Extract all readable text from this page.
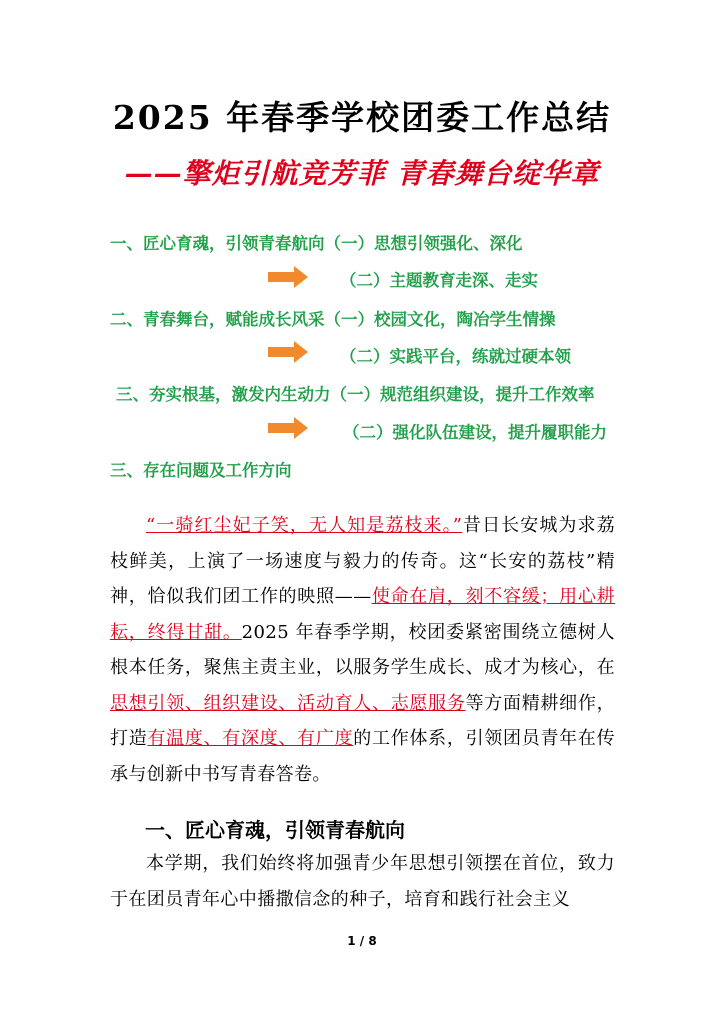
2025 年春季学校团委工作总结
——擎炬引航竞芳菲 青春舞台绽华章
一、匠心育魂，引领青春航向（一）思想引领强化、深化
（二）主题教育走深、走实
二、青春舞台，赋能成长风采（一）校园文化，陶冶学生情操
（二）实践平台，练就过硬本领
三、夯实根基，激发内生动力（一）规范组织建设，提升工作效率
（二）强化队伍建设，提升履职能力
三、存在问题及工作方向

“一骑红尘妃子笑，无人知是荔枝来。”昔日长安城为求荔枝鲜美，上演了一场速度与毅力的传奇。这“长安的荔枝”精神，恰似我们团工作的映照——使命在肩，刻不容缓；用心耕耘，终得甘甜。2025 年春季学期，校团委紧密围绕立德树人根本任务，聚焦主责主业，以服务学生成长、成才为核心，在思想引领、组织建设、活动育人、志愿服务等方面精耕细作，打造有温度、有深度、有广度的工作体系，引领团员青年在传承与创新中书写青春答卷。

一、匠心育魂，引领青春航向

本学期，我们始终将加强青少年思想引领摆在首位，致力于在团员青年心中播撒信念的种子，培育和践行社会主义

1 / 8
